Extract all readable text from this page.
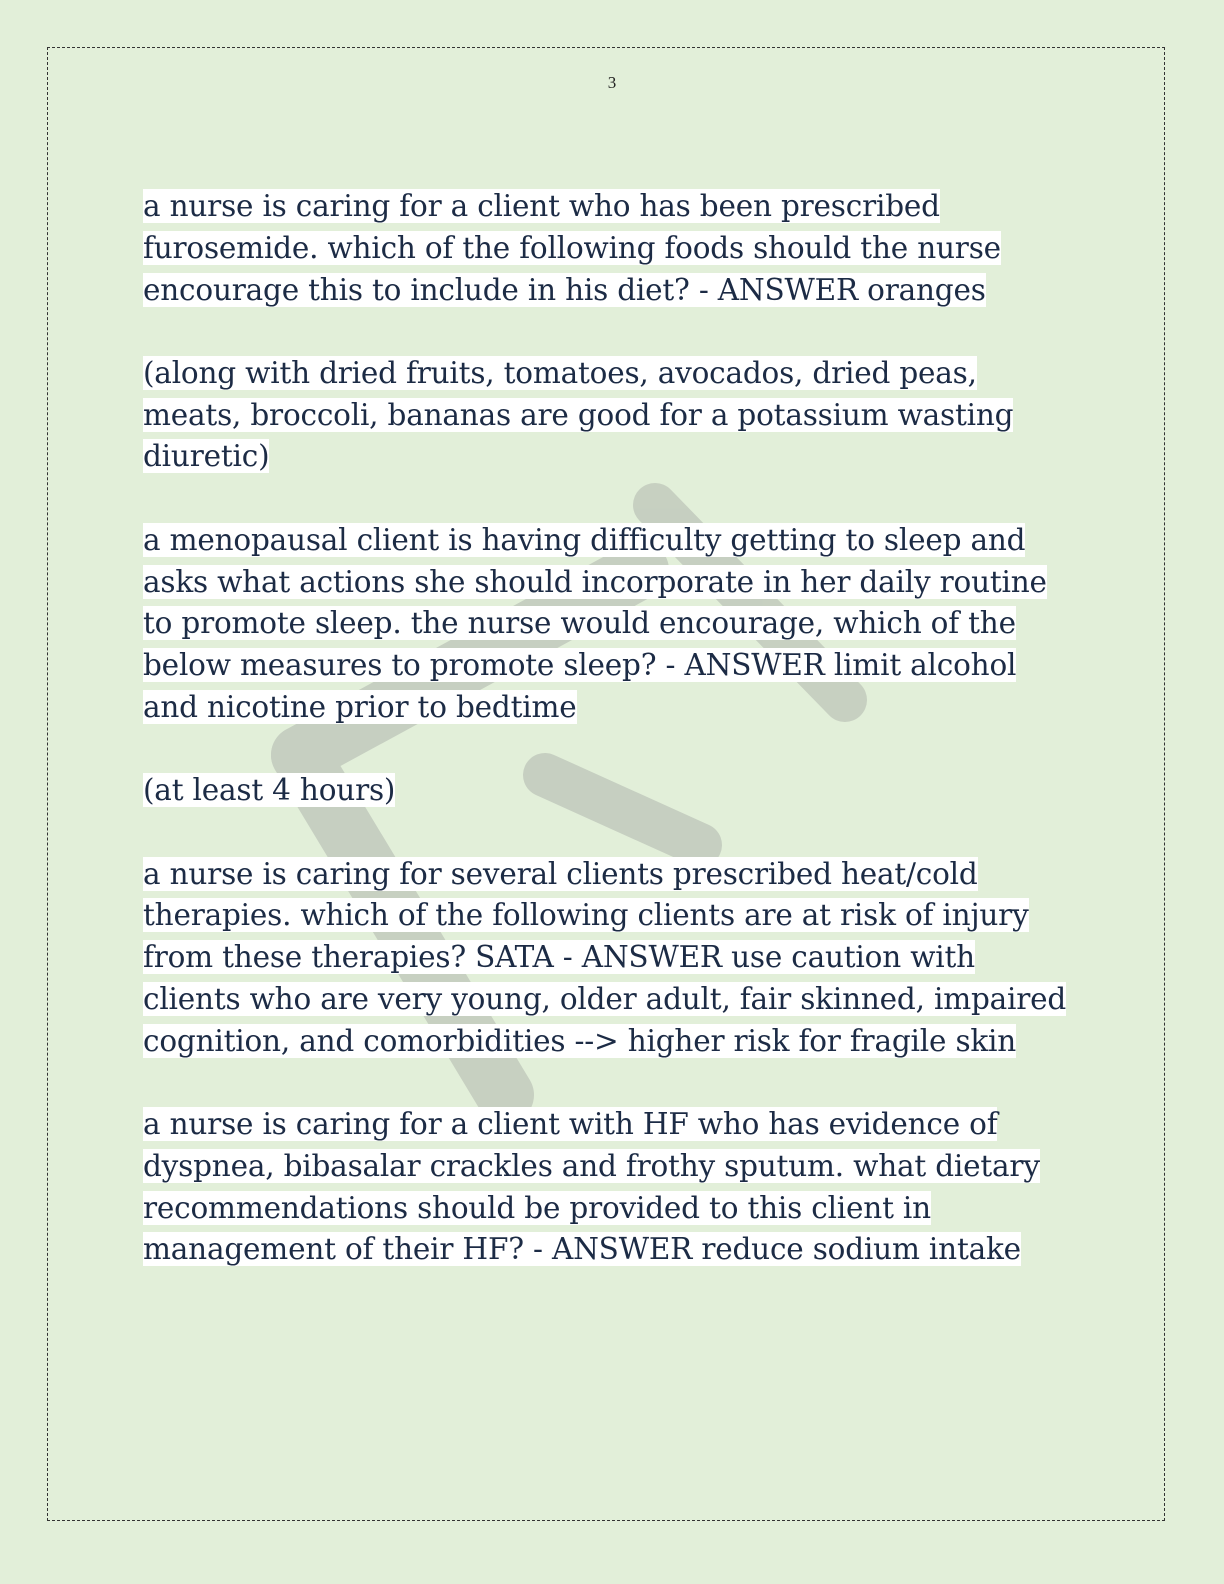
3

a nurse is caring for a client who has been prescribed furosemide. which of the following foods should the nurse encourage this to include in his diet? - ANSWER oranges

(along with dried fruits, tomatoes, avocados, dried peas, meats, broccoli, bananas are good for a potassium wasting diuretic)

a menopausal client is having difficulty getting to sleep and asks what actions she should incorporate in her daily routine to promote sleep. the nurse would encourage, which of the below measures to promote sleep? - ANSWER limit alcohol and nicotine prior to bedtime

(at least 4 hours)

a nurse is caring for several clients prescribed heat/cold therapies. which of the following clients are at risk of injury from these therapies? SATA - ANSWER use caution with clients who are very young, older adult, fair skinned, impaired cognition, and comorbidities --> higher risk for fragile skin

a nurse is caring for a client with HF who has evidence of dyspnea, bibasalar crackles and frothy sputum. what dietary recommendations should be provided to this client in management of their HF? - ANSWER reduce sodium intake
